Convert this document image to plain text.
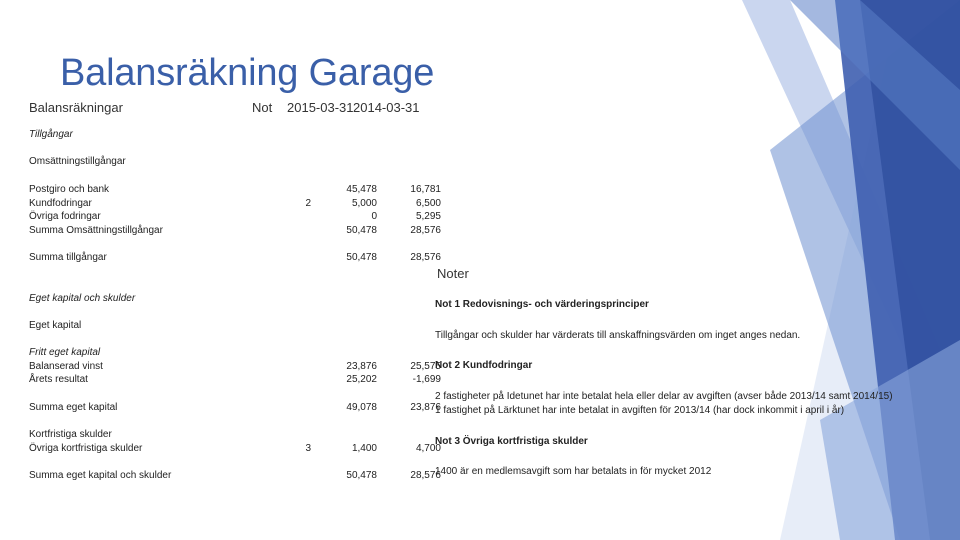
Balansräkning Garage
Balansräkningar	Not 2015-03-31 2014-03-31
Tillgångar
Omsättningstillgångar
Postgiro och bank	45,478	16,781
Kundfodringar	2	5,000	6,500
Övriga fodringar	0	5,295
Summa Omsättningstillgångar	50,478	28,576
Summa tillgångar	50,478	28,576
Eget kapital och skulder
Eget kapital
Fritt eget kapital
Balanserad vinst	23,876	25,575
Årets resultat	25,202	-1,699
Summa eget kapital	49,078	23,876
Kortfristiga skulder
Övriga kortfristiga skulder	3	1,400	4,700
Summa eget kapital och skulder	50,478	28,576
Noter
Not 1 Redovisnings- och värderingsprinciper
Tillgångar och skulder har värderats till anskaffningsvärden om inget anges nedan.
Not 2 Kundfodringar
2 fastigheter på Idetunet har inte betalat hela eller delar av avgiften (avser både 2013/14 samt 2014/15)
1 fastighet på Lärktunet har inte betalat in avgiften för 2013/14 (har dock inkommit i april i år)
Not 3 Övriga kortfristiga skulder
1400 är en medlemsavgift som har betalats in för mycket 2012
